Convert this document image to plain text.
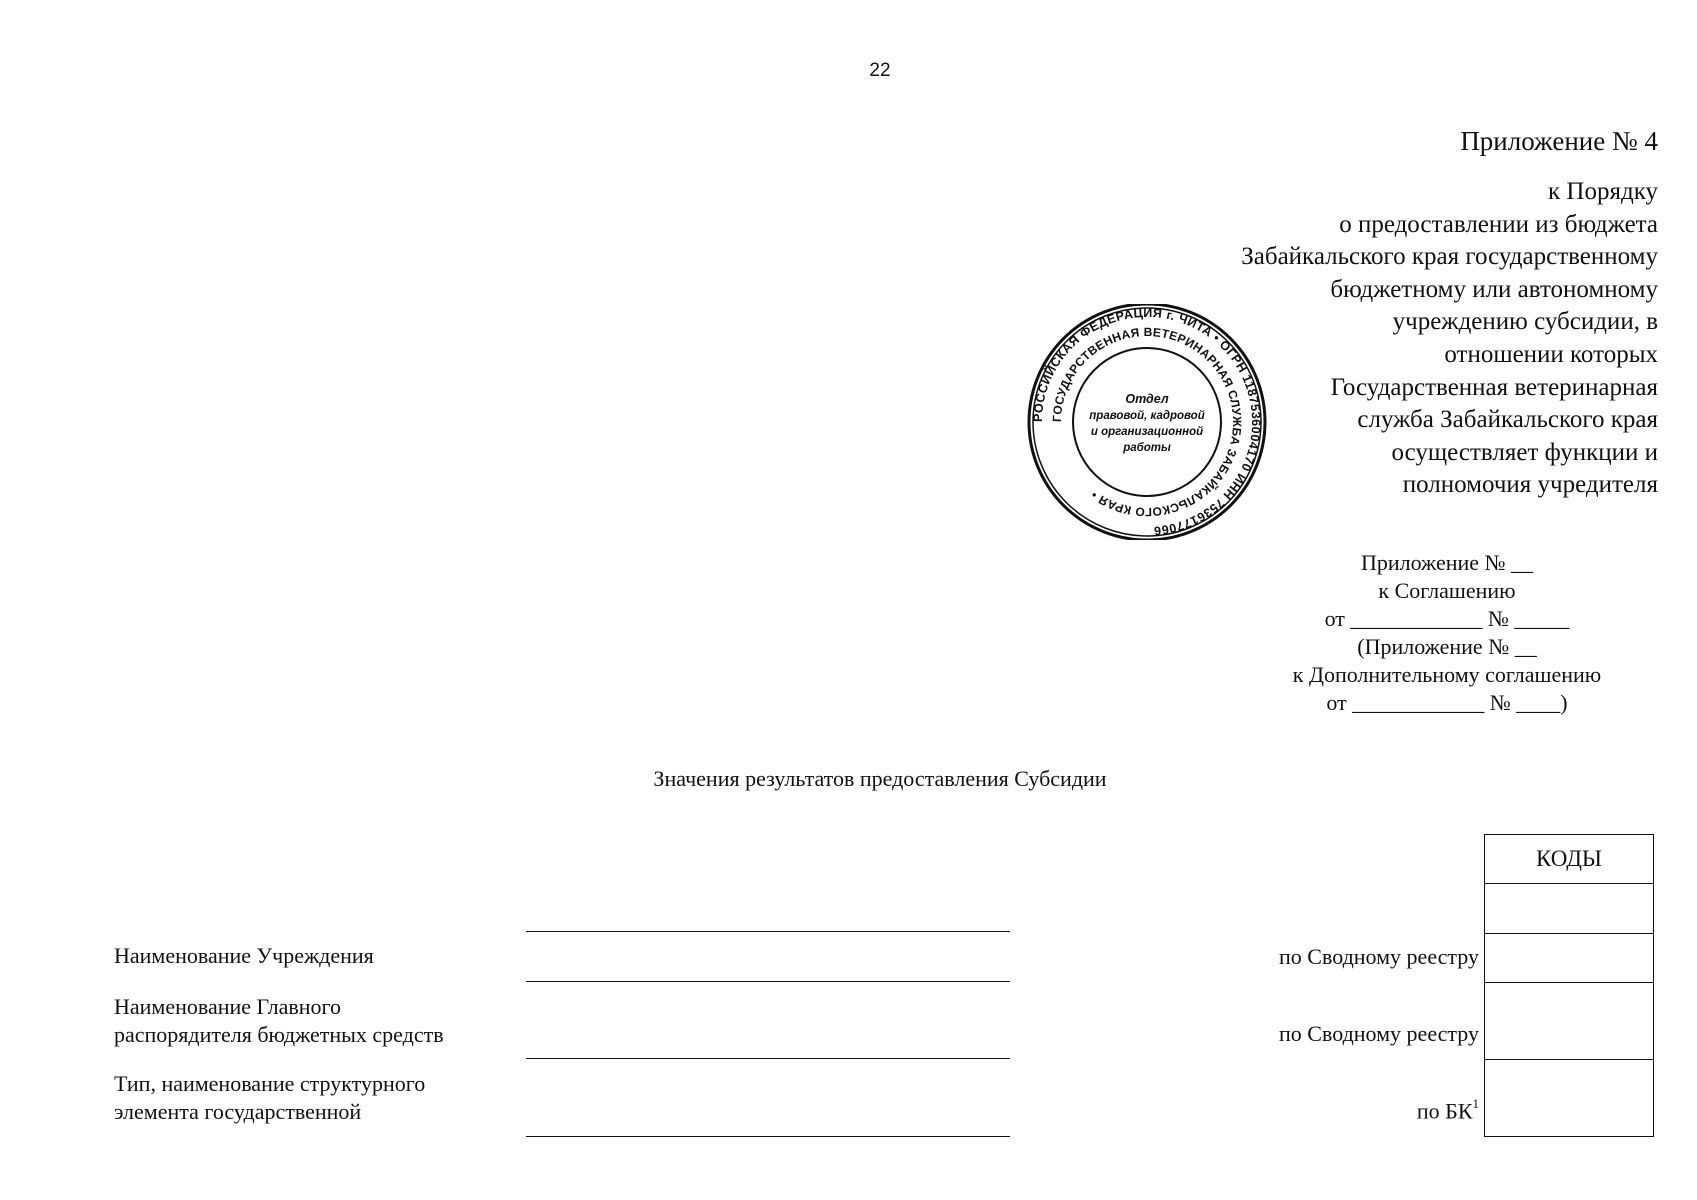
22
Приложение № 4
к Порядку
о предоставлении из бюджета
Забайкальского края государственному
бюджетному или автономному
учреждению субсидии, в
отношении которых
Государственная ветеринарная
служба Забайкальского края
осуществляет функции и
полномочия учредителя
РОССИЙСКАЯ ФЕДЕРАЦИЯ г. ЧИТА • ОГРН 1187536004170 ИНН 7536177066
ГОСУДАРСТВЕННАЯ ВЕТЕРИНАРНАЯ СЛУЖБА ЗАБАЙКАЛЬСКОГО КРАЯ •
Отдел
правовой, кадровой
и организационной
работы
Приложение № __
к Соглашению
от ____________ № _____
(Приложение № __
к Дополнительному соглашению
от ____________ № ____)
Значения результатов предоставления Субсидии
Наименование Учреждения
Наименование Главного
распорядителя бюджетных средств
Тип, наименование структурного
элемента государственной
по Сводному реестру
по Сводному реестру
по $БК^1$
КОДЫ
